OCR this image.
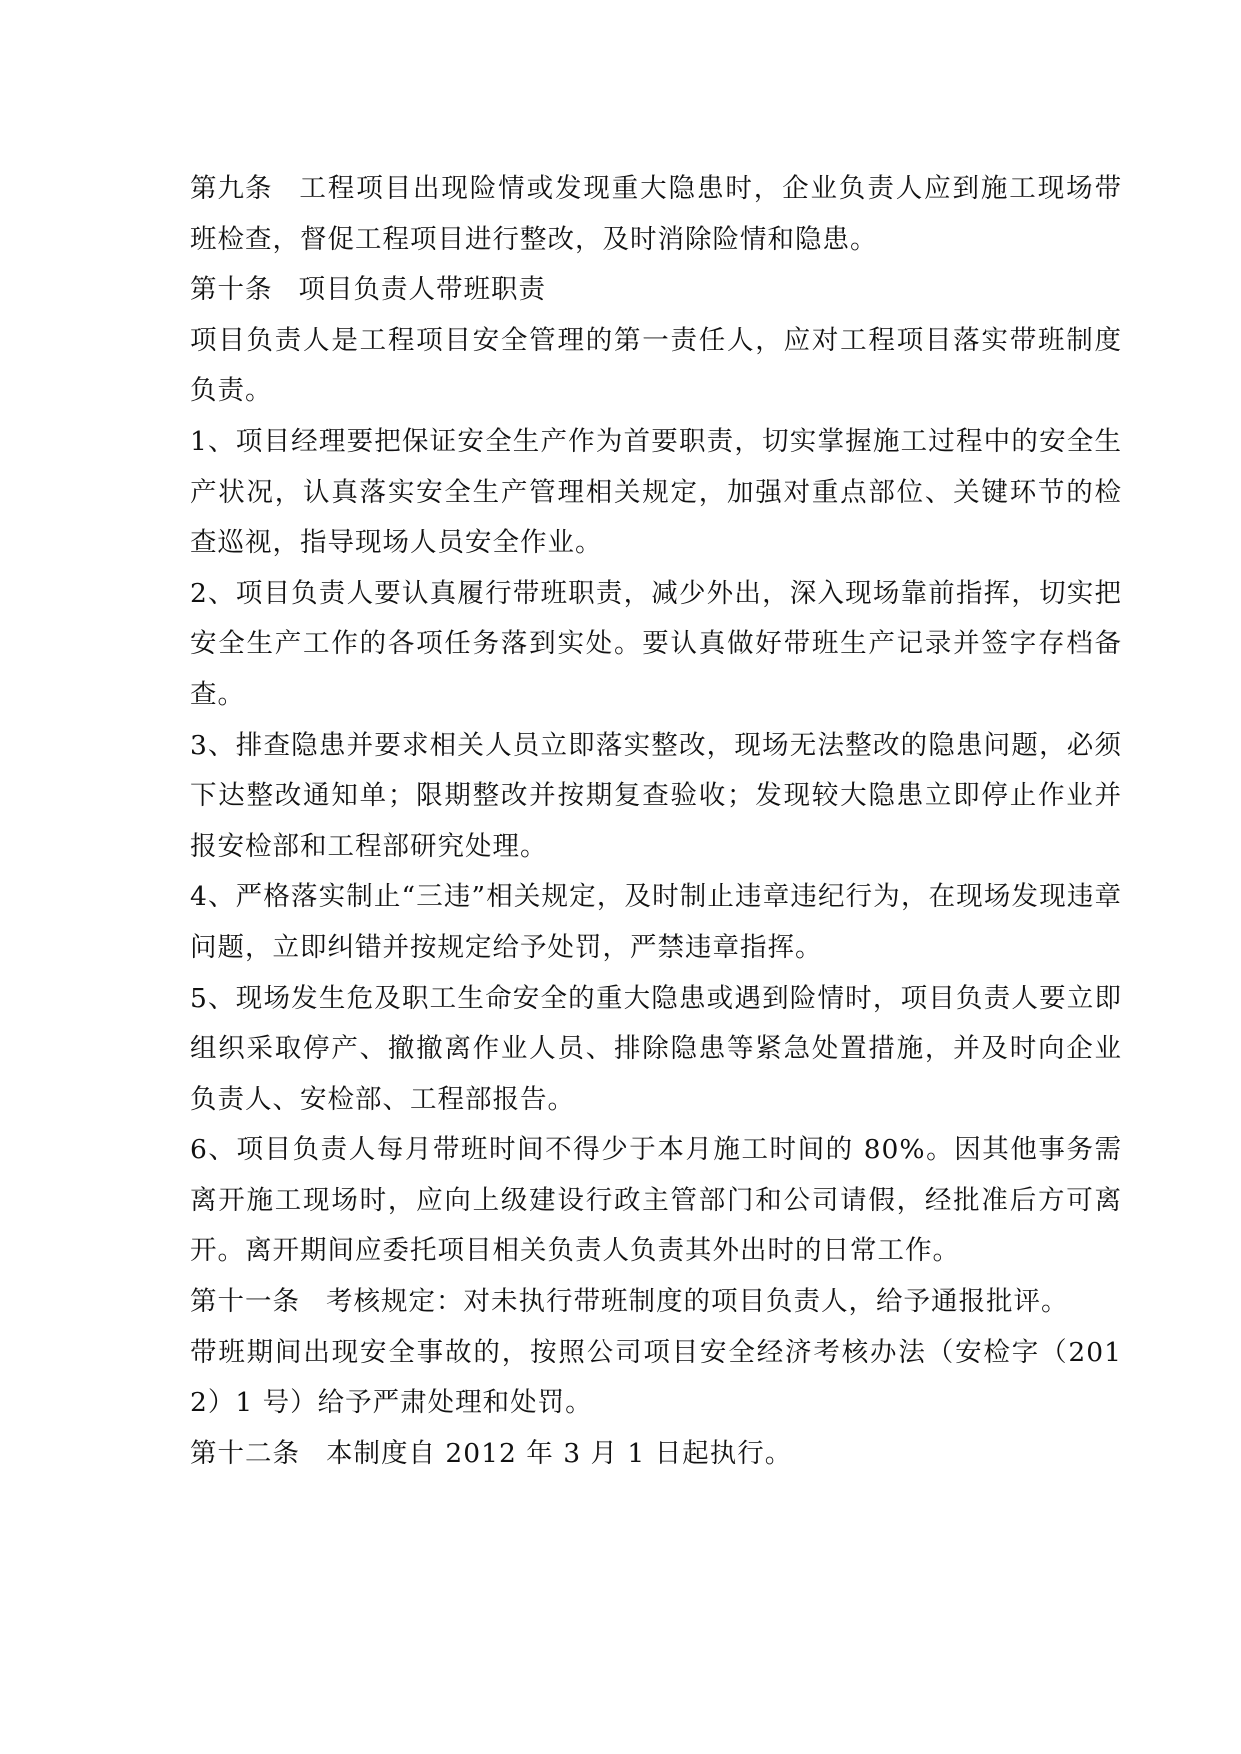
第九条 工程项目出现险情或发现重大隐患时，企业负责人应到施工现场带班检查，督促工程项目进行整改，及时消除险情和隐患。

第十条 项目负责人带班职责

项目负责人是工程项目安全管理的第一责任人，应对工程项目落实带班制度负责。

1、项目经理要把保证安全生产作为首要职责，切实掌握施工过程中的安全生产状况，认真落实安全生产管理相关规定，加强对重点部位、关键环节的检查巡视，指导现场人员安全作业。

2、项目负责人要认真履行带班职责，减少外出，深入现场靠前指挥，切实把安全生产工作的各项任务落到实处。要认真做好带班生产记录并签字存档备查。

3、排查隐患并要求相关人员立即落实整改，现场无法整改的隐患问题，必须下达整改通知单；限期整改并按期复查验收；发现较大隐患立即停止作业并报安检部和工程部研究处理。

4、严格落实制止“三违”相关规定，及时制止违章违纪行为，在现场发现违章问题，立即纠错并按规定给予处罚，严禁违章指挥。

5、现场发生危及职工生命安全的重大隐患或遇到险情时，项目负责人要立即组织采取停产、撤撤离作业人员、排除隐患等紧急处置措施，并及时向企业负责人、安检部、工程部报告。

6、项目负责人每月带班时间不得少于本月施工时间的 80%。因其他事务需离开施工现场时，应向上级建设行政主管部门和公司请假，经批准后方可离开。离开期间应委托项目相关负责人负责其外出时的日常工作。

第十一条 考核规定：对未执行带班制度的项目负责人，给予通报批评。

带班期间出现安全事故的，按照公司项目安全经济考核办法（安检字（2012）1 号）给予严肃处理和处罚。

第十二条 本制度自 2012 年 3 月 1 日起执行。
